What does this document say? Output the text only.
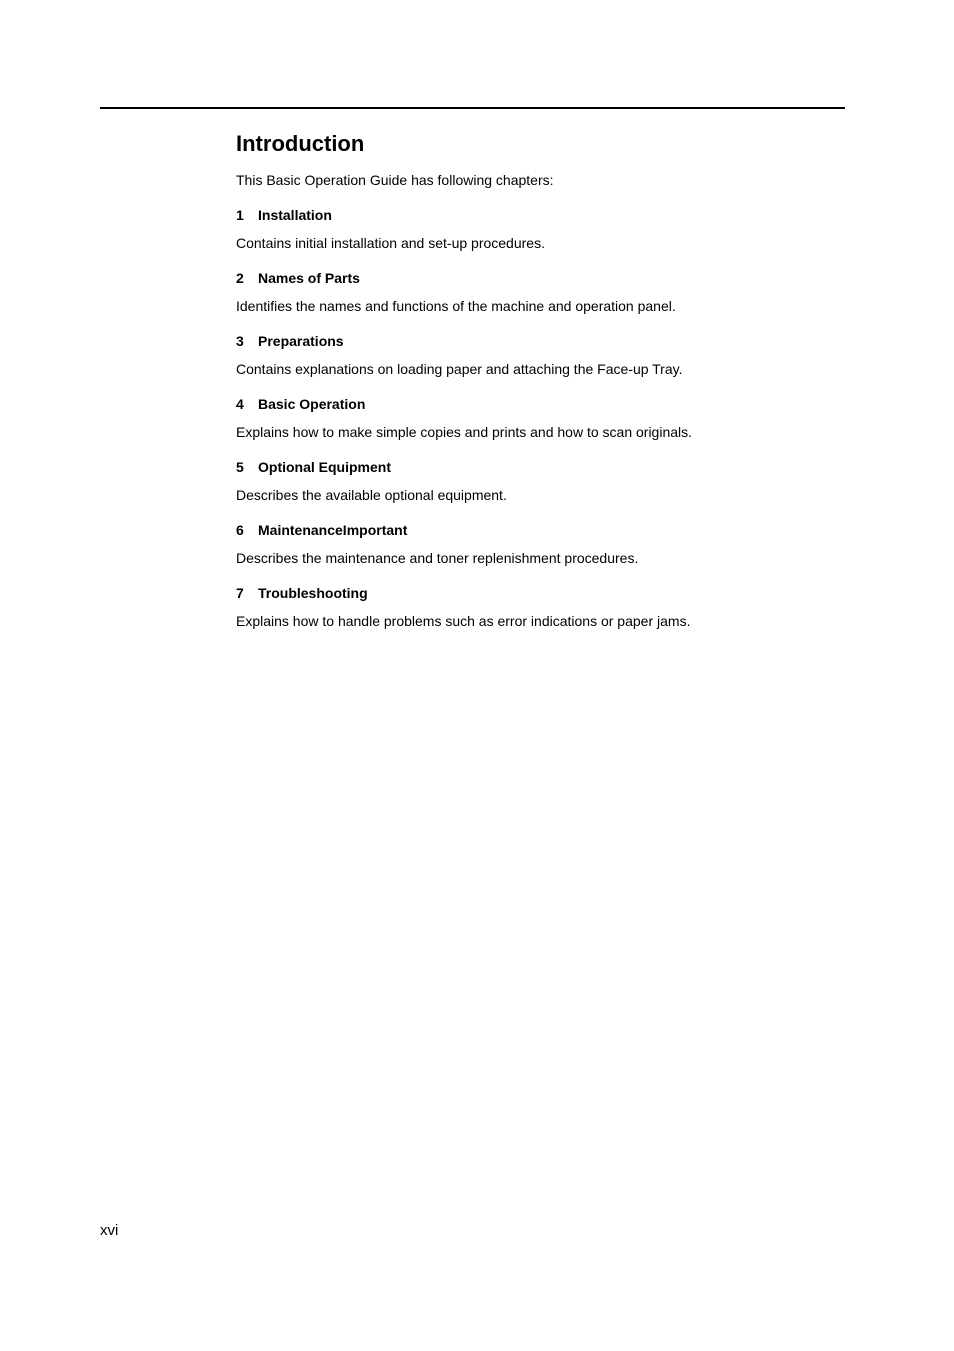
Introduction

This Basic Operation Guide has following chapters:

1	Installation

Contains initial installation and set-up procedures.

2	Names of Parts

Identifies the names and functions of the machine and operation panel.

3	Preparations

Contains explanations on loading paper and attaching the Face-up Tray.

4	Basic Operation

Explains how to make simple copies and prints and how to scan originals.

5	Optional Equipment

Describes the available optional equipment.

6	MaintenanceImportant

Describes the maintenance and toner replenishment procedures.

7	Troubleshooting

Explains how to handle problems such as error indications or paper jams.

xvi
